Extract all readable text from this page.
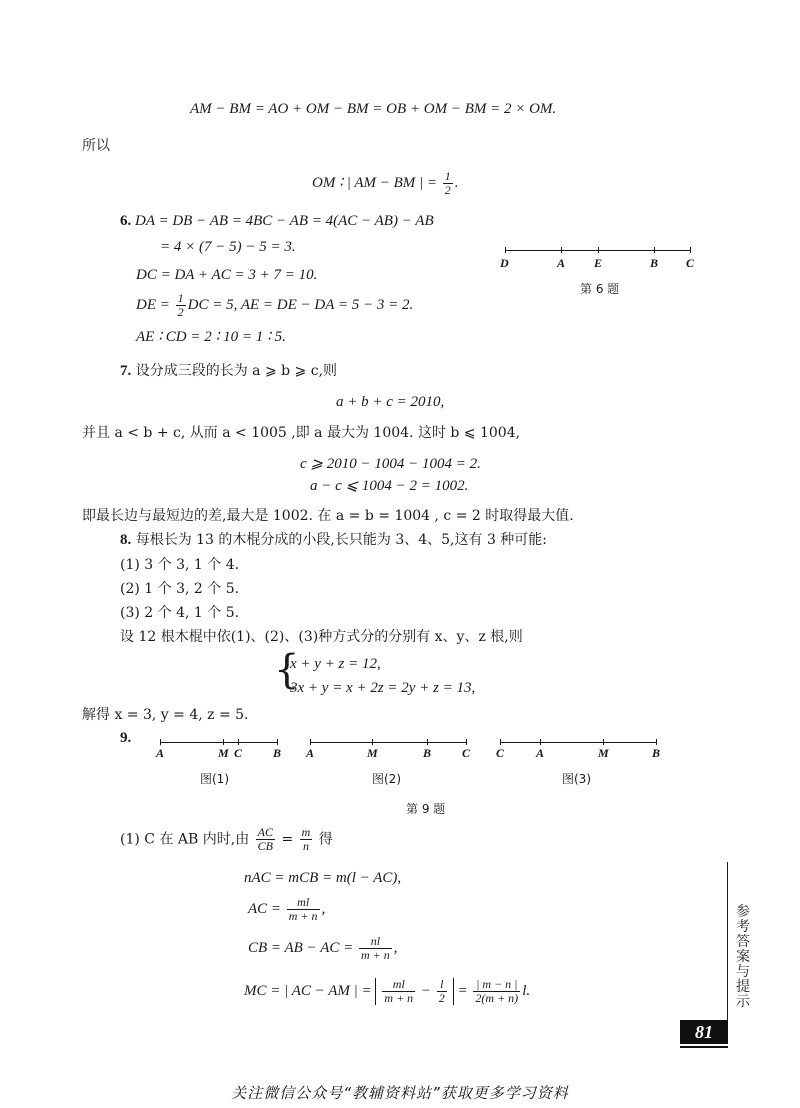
AM − BM = AO + OM − BM = OB + OM − BM = 2 × OM.
所以
OM ∶ | AM − BM | = $\frac{1}{2}$ .
6. DA = DB − AB = 4BC − AB = 4(AC − AB) − AB
= 4 × (7 − 5) − 5 = 3.
DC = DA + AC = 3 + 7 = 10.
DE = $\frac{1}{2}$ DC = 5, AE = DE − DA = 5 − 3 = 2.
AE ∶ CD = 2 ∶ 10 = 1 ∶ 5.
D	A E	B C
第 6 题
7. 设分成三段的长为 a ⩾ b ⩾ c,则
a + b + c = 2010,
并且 a < b + c, 从而 a < 1005 ,即 a 最大为 1004. 这时 b ⩽ 1004,
c ⩾ 2010 − 1004 − 1004 = 2.
a − c ⩽ 1004 − 2 = 1002.
即最长边与最短边的差,最大是 1002. 在 a = b = 1004 , c = 2 时取得最大值.
8. 每根长为 13 的木棍分成的小段,长只能为 3、4、5,这有 3 种可能:
(1) 3 个 3, 1 个 4.
(2) 1 个 3, 2 个 5.
(3) 2 个 4, 1 个 5.
设 12 根木棍中依(1)、(2)、(3)种方式分的分别有 x、y、z 根,则
{
x + y + z = 12,
3x + y = x + 2z = 2y + z = 13,
解得 x = 3, y = 4, z = 5.
9.
A	M C	B
图(1)
A	M	B	C
图(2)
C	A	M	B
图(3)
第 9 题
(1) C 在 AB 内时,由 $\frac{AC}{CB} = \frac{m}{n}$ 得
nAC = mCB = m(l − AC),
AC = $\frac{ml}{m + n}$ ,
CB = AB − AC = $\frac{nl}{m + n}$ ,
MC = | AC − AM | = $\frac{ml}{m + n} - \frac{l}{2} = \frac{| m - n |}{2(m + n)} l$.
参考答案与提示
81
关注微信公众号“教辅资料站”获取更多学习资料
